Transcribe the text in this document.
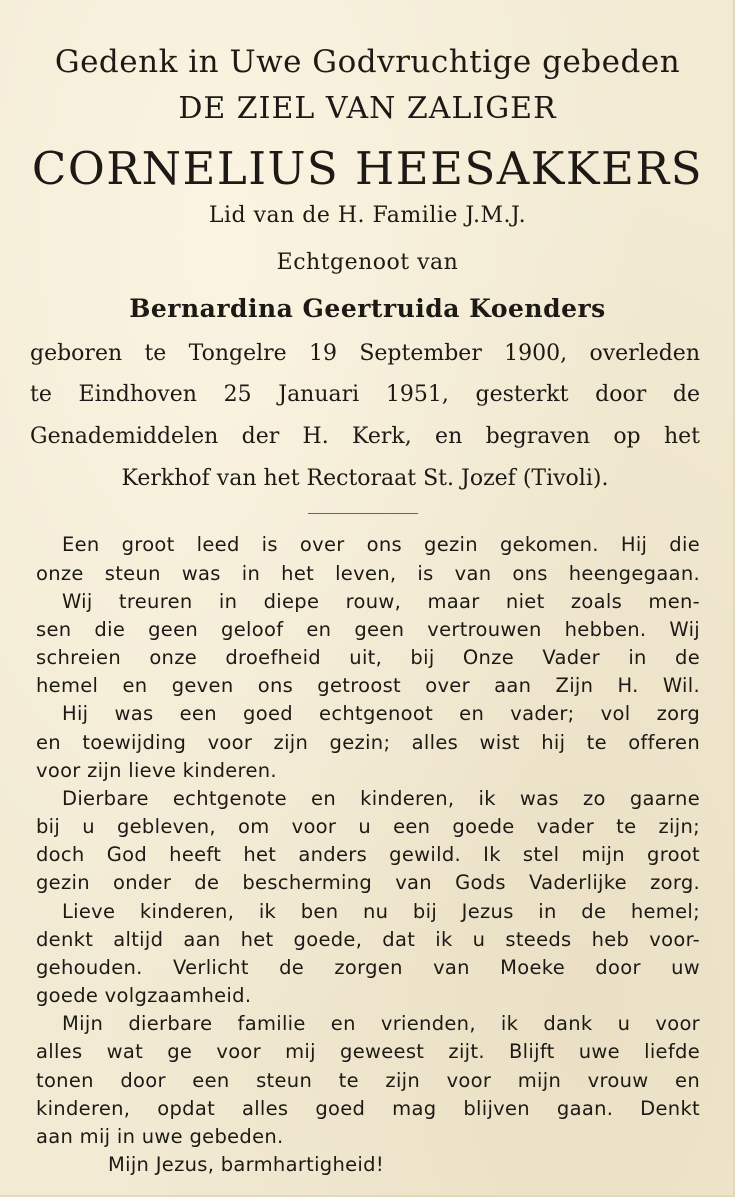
Gedenk in Uwe Godvruchtige gebeden
DE ZIEL VAN ZALIGER
CORNELIUS HEESAKKERS
Lid van de H. Familie J.M.J.
Echtgenoot van
Bernardina Geertruida Koenders
geboren te Tongelre 19 September 1900, overleden
te Eindhoven 25 Januari 1951, gesterkt door de
Genademiddelen der H. Kerk, en begraven op het
Kerkhof van het Rectoraat St. Jozef (Tivoli).
Een groot leed is over ons gezin gekomen. Hij die
onze steun was in het leven, is van ons heengegaan.
Wij treuren in diepe rouw, maar niet zoals men-
sen die geen geloof en geen vertrouwen hebben. Wij
schreien onze droefheid uit, bij Onze Vader in de
hemel en geven ons getroost over aan Zijn H. Wil.
Hij was een goed echtgenoot en vader; vol zorg
en toewijding voor zijn gezin; alles wist hij te offeren
voor zijn lieve kinderen.
Dierbare echtgenote en kinderen, ik was zo gaarne
bij u gebleven, om voor u een goede vader te zijn;
doch God heeft het anders gewild. Ik stel mijn groot
gezin onder de bescherming van Gods Vaderlijke zorg.
Lieve kinderen, ik ben nu bij Jezus in de hemel;
denkt altijd aan het goede, dat ik u steeds heb voor-
gehouden. Verlicht de zorgen van Moeke door uw
goede volgzaamheid.
Mijn dierbare familie en vrienden, ik dank u voor
alles wat ge voor mij geweest zijt. Blijft uwe liefde
tonen door een steun te zijn voor mijn vrouw en
kinderen, opdat alles goed mag blijven gaan. Denkt
aan mij in uwe gebeden.
Mijn Jezus, barmhartigheid!
